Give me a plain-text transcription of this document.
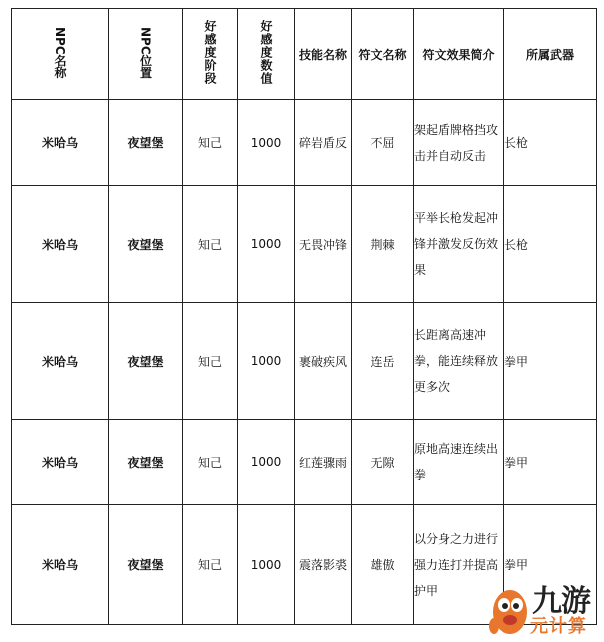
NPC名称	NPC位置	好感度阶段	好感度数值	技能名称	符文名称	符文效果简介	所属武器
米哈乌	夜望堡	知己	1000	碎岩盾反	不屈	架起盾牌格挡攻
击并自动反击	长枪
米哈乌	夜望堡	知己	1000	无畏冲锋	荆棘	平举长枪发起冲
锋并激发反伤效
果	长枪
米哈乌	夜望堡	知己	1000	裹破疾风	连岳	长距离高速冲
拳，能连续释放
更多次	拳甲
米哈乌	夜望堡	知己	1000	红莲骤雨	无隙	原地高速连续出
拳	拳甲
米哈乌	夜望堡	知己	1000	震落影裘	雄傲	以分身之力进行
强力连打并提高
护甲	拳甲
九游
元计算
